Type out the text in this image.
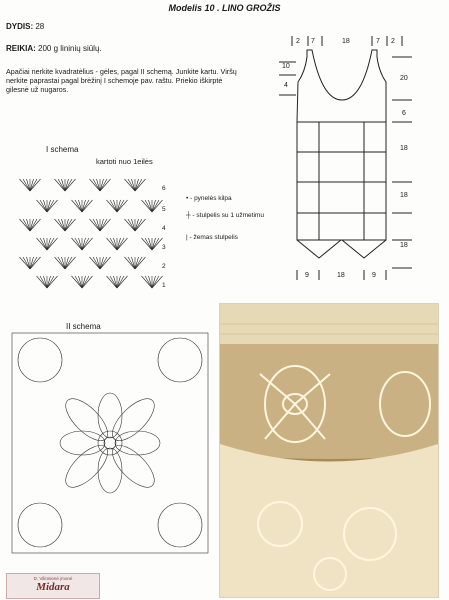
Modelis 10 . LINO GROŽIS
DYDIS: 28
REIKIA: 200 g lininių siūlų.
Apačiai nerkite kvadratėlius - gėles, pagal II schemą. Junkite kartu. Viršų nerkite paprastai pagal brėžinį I schemoje pav. raštu. Priekio iškirptė gilesnė už nugaros.
I schema
kartoti nuo 1eilės
6
5
4
3
2
1
• - pynelės kilpa
┼ - stulpelis su 1 užmetimu
| - žemas stulpelis
II schema
2 7	18	7 2
10
4
20
6
18
18
18
9	18	9
D. Viliūnienė įmonė
Midara
